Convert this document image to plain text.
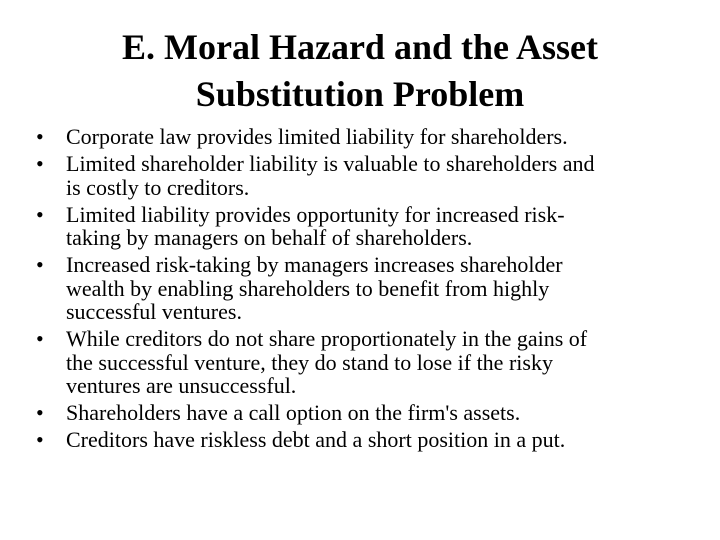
E. Moral Hazard and the Asset
Substitution Problem
•	Corporate law provides limited liability for shareholders.
•	Limited shareholder liability is valuable to shareholders and
is costly to creditors.
•	Limited liability provides opportunity for increased risk-
taking by managers on behalf of shareholders.
•	Increased risk-taking by managers increases shareholder
wealth by enabling shareholders to benefit from highly
successful ventures.
•	While creditors do not share proportionately in the gains of
the successful venture, they do stand to lose if the risky
ventures are unsuccessful.
•	Shareholders have a call option on the firm's assets.
•	Creditors have riskless debt and a short position in a put.
